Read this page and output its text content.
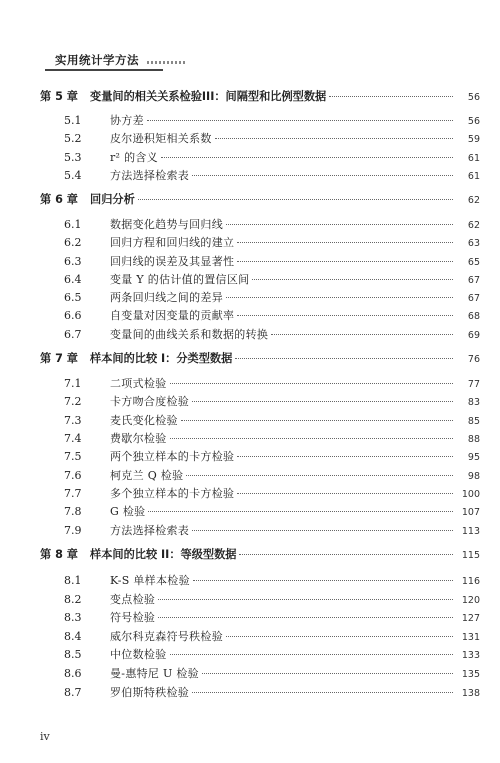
实用统计学方法
第 5 章	变量间的相关关系检验III：间隔型和比例型数据	56
5.1	协方差	56
5.2	皮尔逊积矩相关系数	59
5.3	r² 的含义	61
5.4	方法选择检索表	61
第 6 章	回归分析	62
6.1	数据变化趋势与回归线	62
6.2	回归方程和回归线的建立	63
6.3	回归线的误差及其显著性	65
6.4	变量 Y 的估计值的置信区间	67
6.5	两条回归线之间的差异	67
6.6	自变量对因变量的贡献率	68
6.7	变量间的曲线关系和数据的转换	69
第 7 章	样本间的比较 I：分类型数据	76
7.1	二项式检验	77
7.2	卡方吻合度检验	83
7.3	麦氏变化检验	85
7.4	费歇尔检验	88
7.5	两个独立样本的卡方检验	95
7.6	柯克兰 Q 检验	98
7.7	多个独立样本的卡方检验	100
7.8	G 检验	107
7.9	方法选择检索表	113
第 8 章	样本间的比较 II：等级型数据	115
8.1	K-S 单样本检验	116
8.2	变点检验	120
8.3	符号检验	127
8.4	威尔科克森符号秩检验	131
8.5	中位数检验	133
8.6	曼-惠特尼 U 检验	135
8.7	罗伯斯特秩检验	138
iv
